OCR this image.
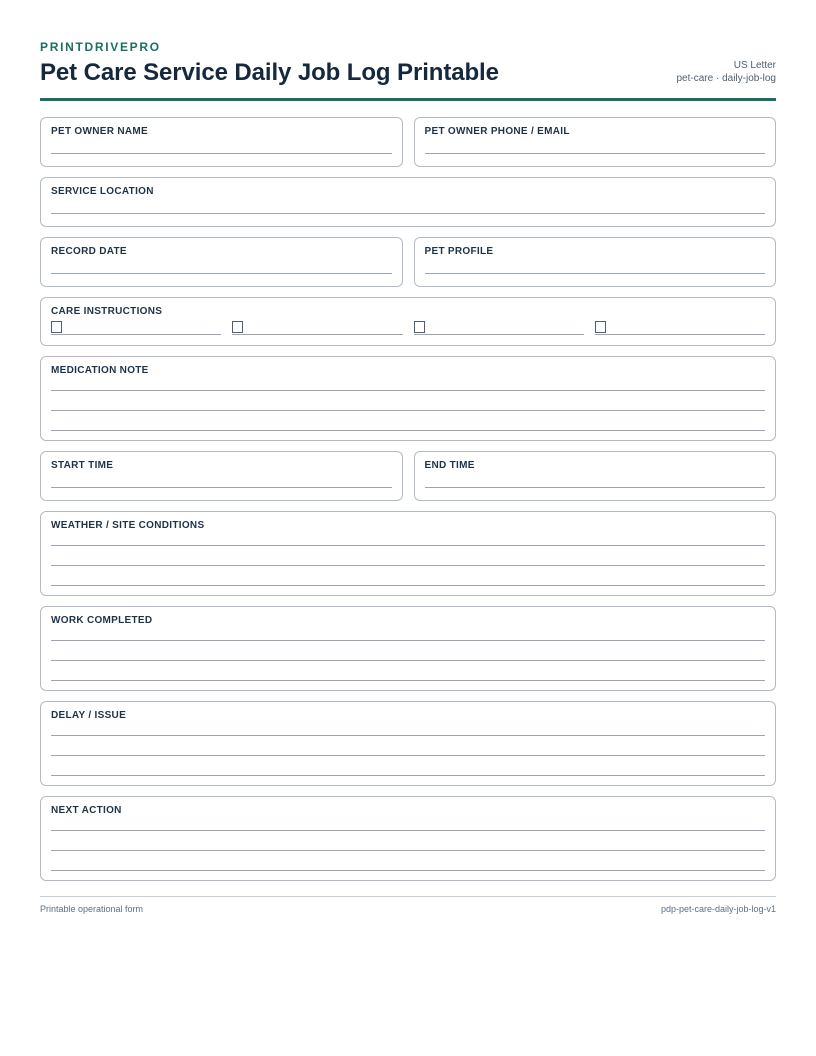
PRINTDRIVEPRO
Pet Care Service Daily Job Log Printable	US Letter
pet-care · daily-job-log
PET OWNER NAME	PET OWNER PHONE / EMAIL
SERVICE LOCATION
RECORD DATE	PET PROFILE
CARE INSTRUCTIONS
MEDICATION NOTE
START TIME	END TIME
WEATHER / SITE CONDITIONS
WORK COMPLETED
DELAY / ISSUE
NEXT ACTION
Printable operational form	pdp-pet-care-daily-job-log-v1
